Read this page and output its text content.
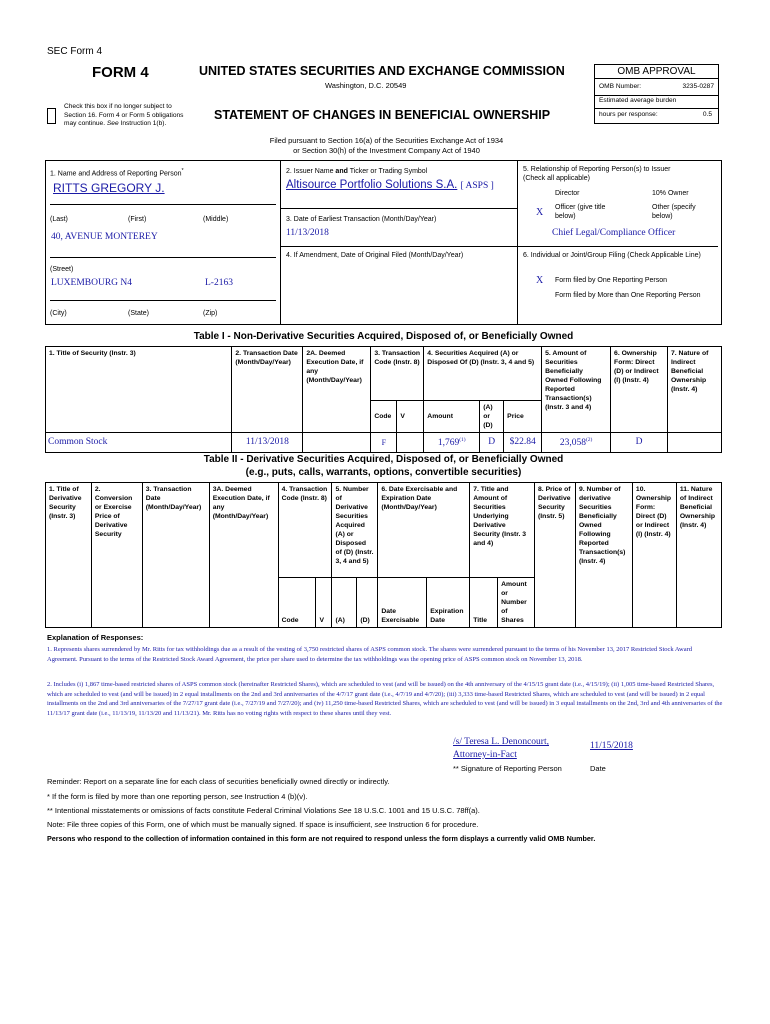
SEC Form 4
FORM 4	UNITED STATES SECURITIES AND EXCHANGE COMMISSION
Washington, D.C. 20549
Check this box if no longer subject to Section 16. Form 4 or Form 5 obligations may continue. See Instruction 1(b).
STATEMENT OF CHANGES IN BENEFICIAL OWNERSHIP
Filed pursuant to Section 16(a) of the Securities Exchange Act of 1934
or Section 30(h) of the Investment Company Act of 1940
OMB APPROVAL
OMB Number:	3235-0287
Estimated average burden
hours per response:	0.5
1. Name and Address of Reporting Person*
RITTS GREGORY J.
(Last)	(First)	(Middle)
40, AVENUE MONTEREY
(Street)
LUXEMBOURG N4	L-2163
(City)	(State)	(Zip)
2. Issuer Name and Ticker or Trading Symbol
Altisource Portfolio Solutions S.A. [ ASPS ]
3. Date of Earliest Transaction (Month/Day/Year)
11/13/2018
4. If Amendment, Date of Original Filed (Month/Day/Year)
5. Relationship of Reporting Person(s) to Issuer
(Check all applicable)
Director	10% Owner
X Officer (give title below)
Other (specify below)
Chief Legal/Compliance Officer
6. Individual or Joint/Group Filing (Check Applicable Line)
X Form filed by One Reporting Person
Form filed by More than One Reporting Person
Table I - Non-Derivative Securities Acquired, Disposed of, or Beneficially Owned
1. Title of Security (Instr. 3)	2. Transaction Date (Month/Day/Year)	2A. Deemed Execution Date, if any (Month/Day/Year)	3. Transaction Code (Instr. 8)		4. Securities Acquired (A) or Disposed Of (D) (Instr. 3, 4 and 5)			5. Amount of Securities Beneficially Owned Following Reported Transaction(s) (Instr. 3 and 4)	6. Ownership Form: Direct (D) or Indirect (I) (Instr. 4)	7. Nature of Indirect Beneficial Ownership (Instr. 4)
			Code	V	Amount	(A) or (D)	Price			
Common Stock	11/13/2018		F		1,769$^{(1)}$	D	$22.84	23,058$^{(2)}$	D	
Table II - Derivative Securities Acquired, Disposed of, or Beneficially Owned
(e.g., puts, calls, warrants, options, convertible securities)
1. Title of Derivative Security (Instr. 3)	2. Conversion or Exercise Price of Derivative Security	3. Transaction Date (Month/Day/Year)	3A. Deemed Execution Date, if any (Month/Day/Year)	4. Transaction Code (Instr. 8)		5. Number of Derivative Securities Acquired (A) or Disposed of (D) (Instr. 3, 4 and 5)		6. Date Exercisable and Expiration Date (Month/Day/Year)		7. Title and Amount of Securities Underlying Derivative Security (Instr. 3 and 4)		8. Price of Derivative Security (Instr. 5)	9. Number of derivative Securities Beneficially Owned Following Reported Transaction(s) (Instr. 4)	10. Ownership Form: Direct (D) or Indirect (I) (Instr. 4)	11. Nature of Indirect Beneficial Ownership (Instr. 4)
				Code	V	(A)	(D)	Date Exercisable	Expiration Date	Title	Amount or Number of Shares				
Explanation of Responses:
1. Represents shares surrendered by Mr. Ritts for tax withholdings due as a result of the vesting of 3,750 restricted shares of ASPS common stock. The shares were surrendered pursuant to the terms of his November 13, 2017 Restricted Stock Award Agreement. Pursuant to the terms of the Restricted Stock Award Agreement, the price per share used to determine the tax withholdings was the opening price of ASPS common stock on November 13, 2018.
2. Includes (i) 1,867 time-based restricted shares of ASPS common stock (hereinafter Restricted Shares), which are scheduled to vest (and will be issued) on the 4th anniversary of the 4/15/15 grant date (i.e., 4/15/19); (ii) 1,005 time-based Restricted Shares, which are scheduled to vest (and will be issued) in 2 equal installments on the 2nd and 3rd anniversaries of the 4/7/17 grant date (i.e., 4/7/19 and 4/7/20); (iii) 3,333 time-based Restricted Shares, which are scheduled to vest (and will be issued) in 2 equal installments on the 2nd and 3rd anniversaries of the 7/27/17 grant date (i.e., 7/27/19 and 7/27/20); and (iv) 11,250 time-based Restricted Shares, which are scheduled to vest (and will be issued) in 3 equal installments on the 2nd, 3rd and 4th anniversaries of the 11/13/17 grant date (i.e., 11/13/19, 11/13/20 and 11/13/21). Mr. Ritts has no voting rights with respect to these shares until they vest.
/s/ Teresa L. Denoncourt, Attorney-in-Fact
11/15/2018
** Signature of Reporting Person	Date
Reminder: Report on a separate line for each class of securities beneficially owned directly or indirectly.
* If the form is filed by more than one reporting person, see Instruction 4 (b)(v).
** Intentional misstatements or omissions of facts constitute Federal Criminal Violations See 18 U.S.C. 1001 and 15 U.S.C. 78ff(a).
Note: File three copies of this Form, one of which must be manually signed. If space is insufficient, see Instruction 6 for procedure.
Persons who respond to the collection of information contained in this form are not required to respond unless the form displays a currently valid OMB Number.
